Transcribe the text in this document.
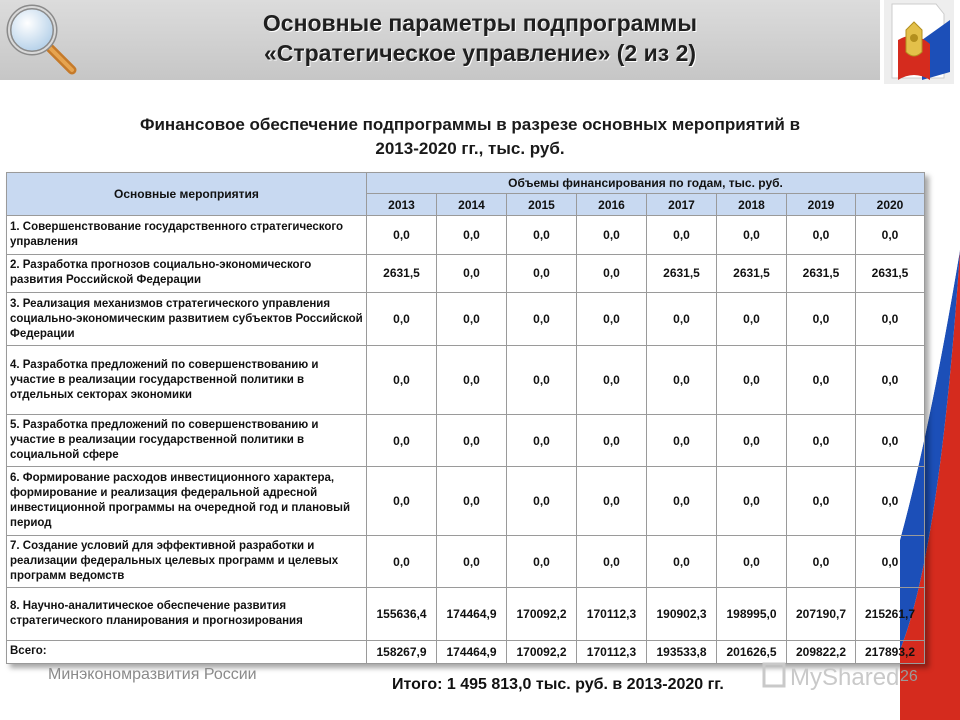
Основные параметры подпрограммы
«Стратегическое управление» (2 из 2)
Финансовое обеспечение подпрограммы в разрезе основных мероприятий в
2013-2020 гг., тыс. руб.
Основные мероприятия	Объемы финансирования по годам, тыс. руб.							
	2013	2014	2015	2016	2017	2018	2019	2020
1. Совершенствование государственного стратегического управления	0,0	0,0	0,0	0,0	0,0	0,0	0,0	0,0
2. Разработка прогнозов социально-экономического развития Российской Федерации	2631,5	0,0	0,0	0,0	2631,5	2631,5	2631,5	2631,5
3. Реализация механизмов стратегического управления социально-экономическим развитием субъектов Российской Федерации	0,0	0,0	0,0	0,0	0,0	0,0	0,0	0,0
4. Разработка предложений по совершенствованию и участие в реализации государственной политики в отдельных секторах экономики	0,0	0,0	0,0	0,0	0,0	0,0	0,0	0,0
5. Разработка предложений по совершенствованию и участие в реализации государственной политики в социальной сфере	0,0	0,0	0,0	0,0	0,0	0,0	0,0	0,0
6. Формирование расходов инвестиционного характера, формирование и реализация федеральной адресной инвестиционной программы на очередной год и плановый период	0,0	0,0	0,0	0,0	0,0	0,0	0,0	0,0
7. Создание условий для эффективной разработки и реализации федеральных целевых программ и целевых программ ведомств	0,0	0,0	0,0	0,0	0,0	0,0	0,0	0,0
8. Научно-аналитическое обеспечение развития стратегического планирования и прогнозирования	155636,4	174464,9	170092,2	170112,3	190902,3	198995,0	207190,7	215261,7
Всего:	158267,9	174464,9	170092,2	170112,3	193533,8	201626,5	209822,2	217893,2
Минэкономразвития России	MyShared
Итого: 1 495 813,0 тыс. руб. в 2013-2020 гг.	26
